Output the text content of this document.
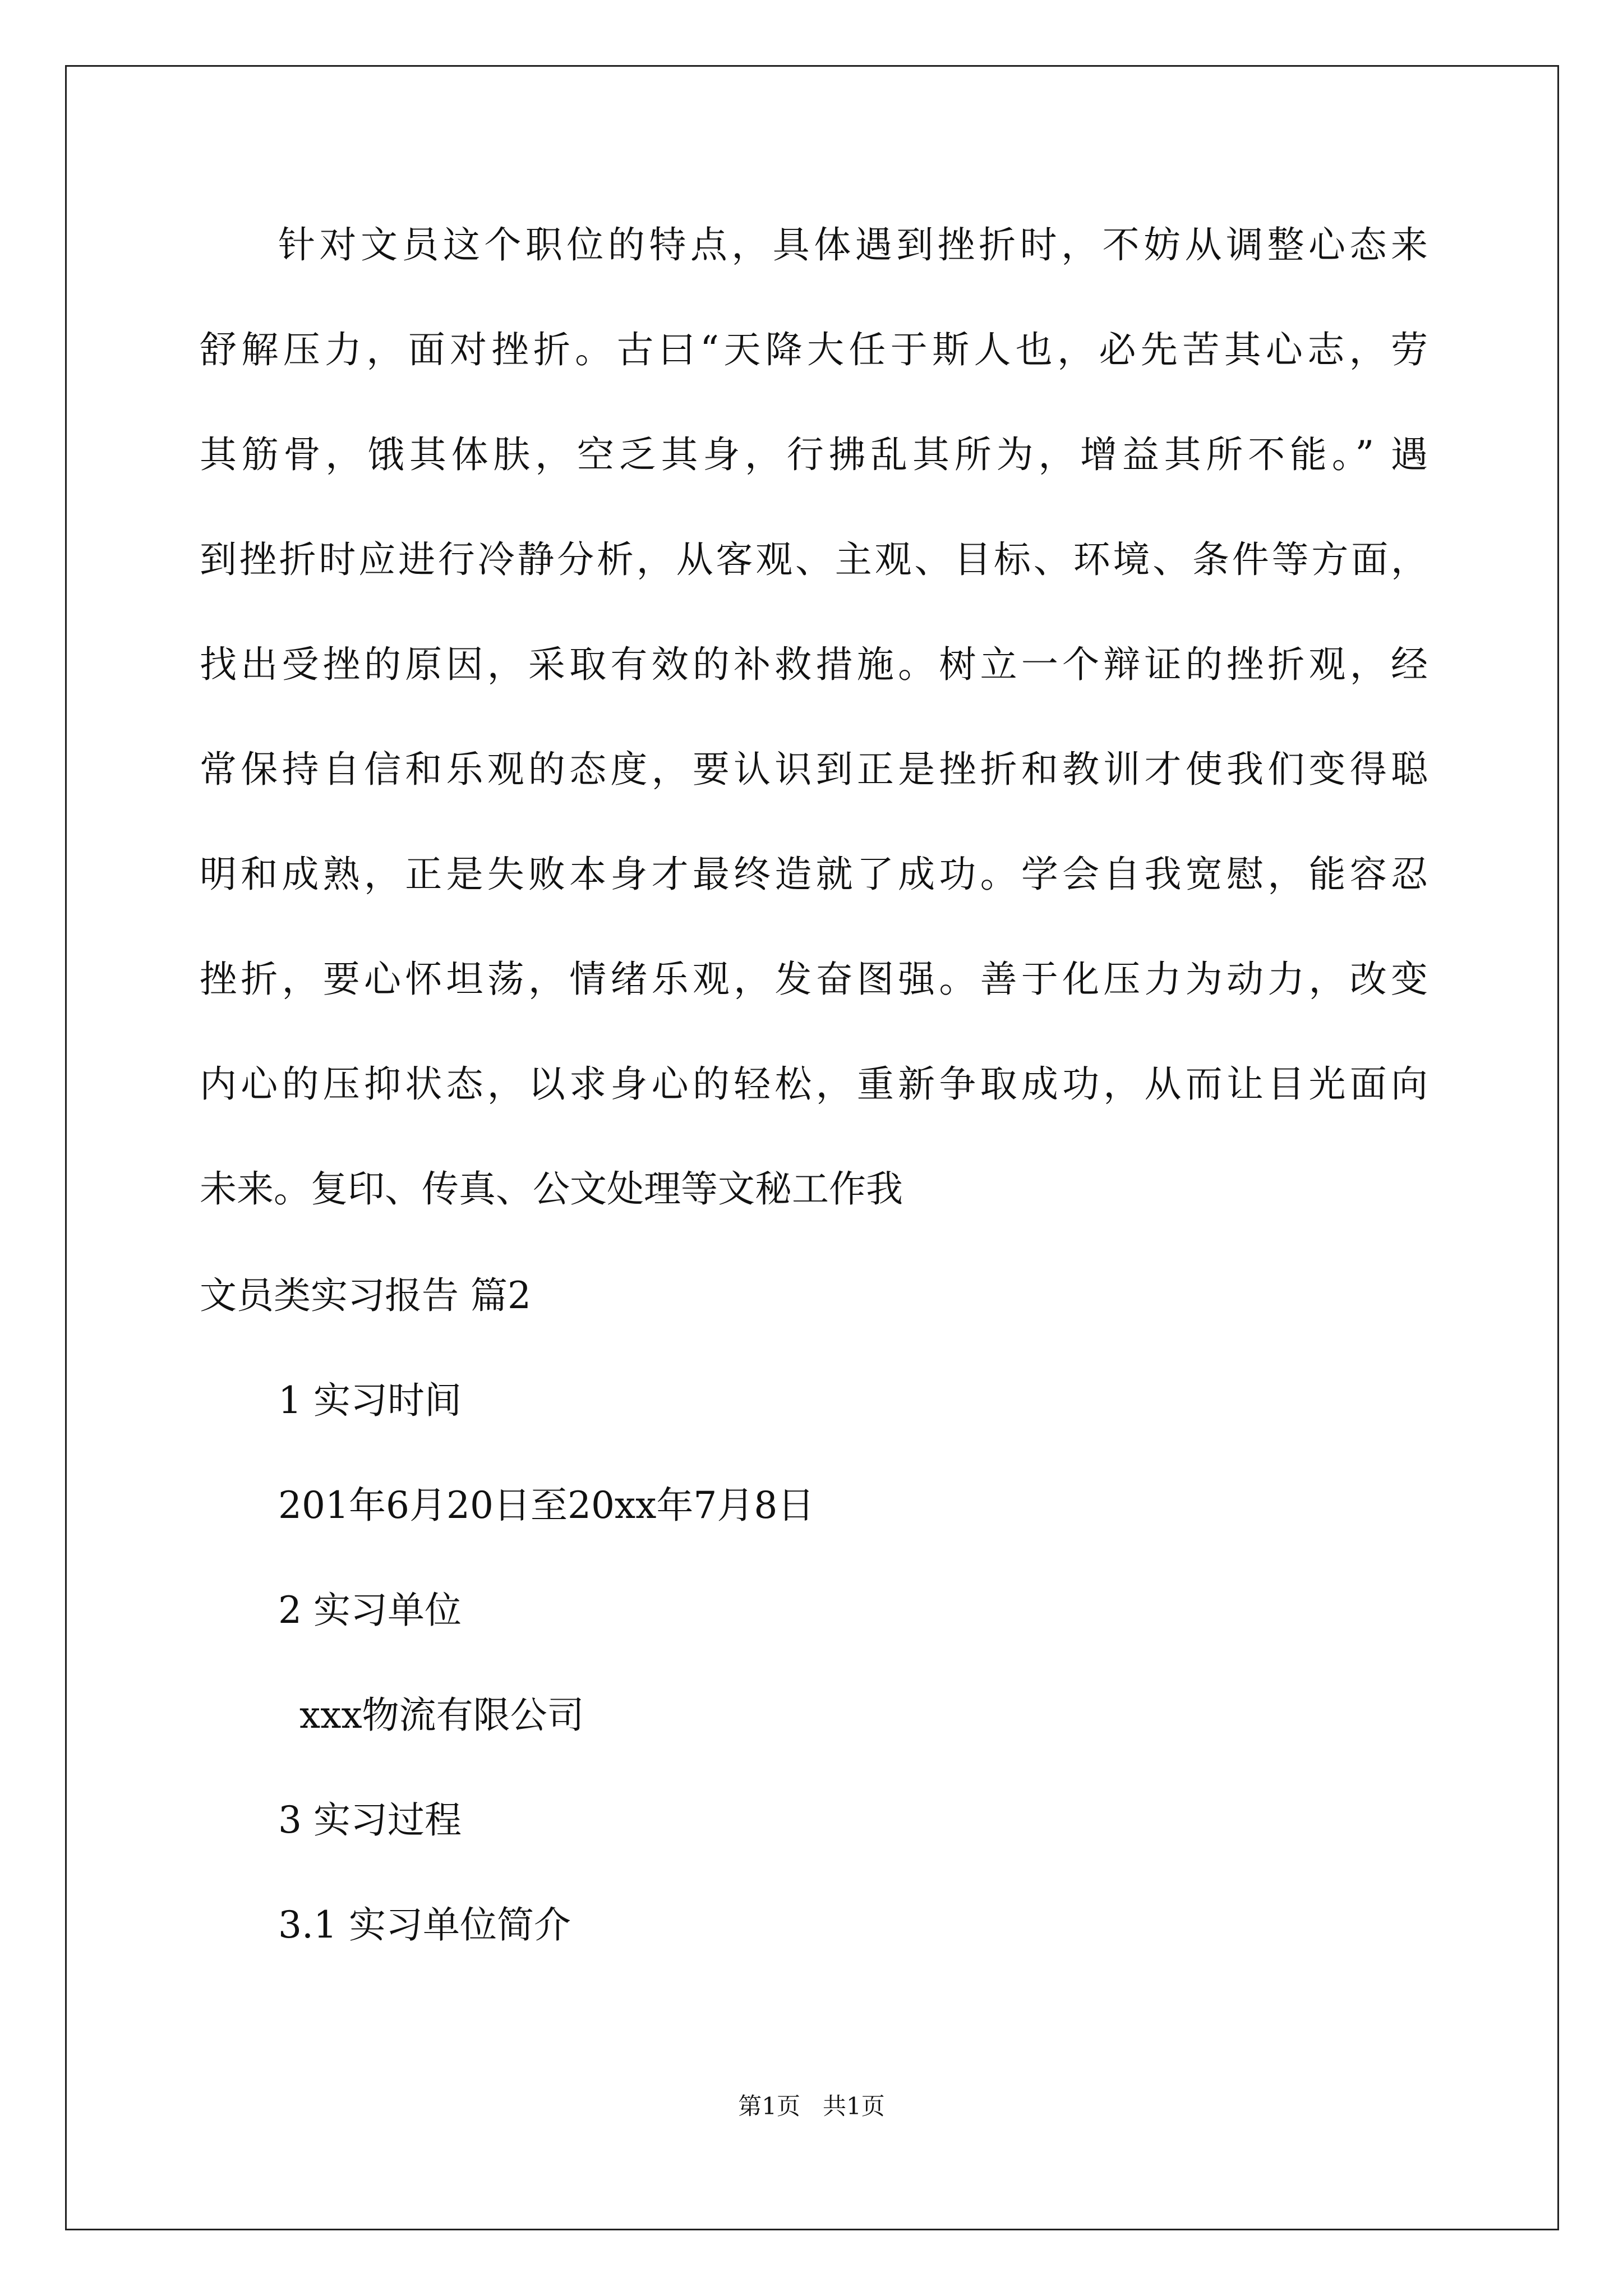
针对文员这个职位的特点，具体遇到挫折时，不妨从调整心态来
舒解压力，面对挫折。古曰“天降大任于斯人也，必先苦其心志，劳
其筋骨，饿其体肤，空乏其身，行拂乱其所为，增益其所不能。” 遇
到挫折时应进行冷静分析，从客观、主观、目标、环境、条件等方面，
找出受挫的原因，采取有效的补救措施。树立一个辩证的挫折观，经
常保持自信和乐观的态度，要认识到正是挫折和教训才使我们变得聪
明和成熟，正是失败本身才最终造就了成功。学会自我宽慰，能容忍
挫折，要心怀坦荡，情绪乐观，发奋图强。善于化压力为动力，改变
内心的压抑状态，以求身心的轻松，重新争取成功，从而让目光面向
未来。复印、传真、公文处理等文秘工作我
文员类实习报告 篇2
1 实习时间
201年6月20日至20xx年7月8日
2 实习单位
xxx物流有限公司
3 实习过程
3.1 实习单位简介
第1页   共1页
